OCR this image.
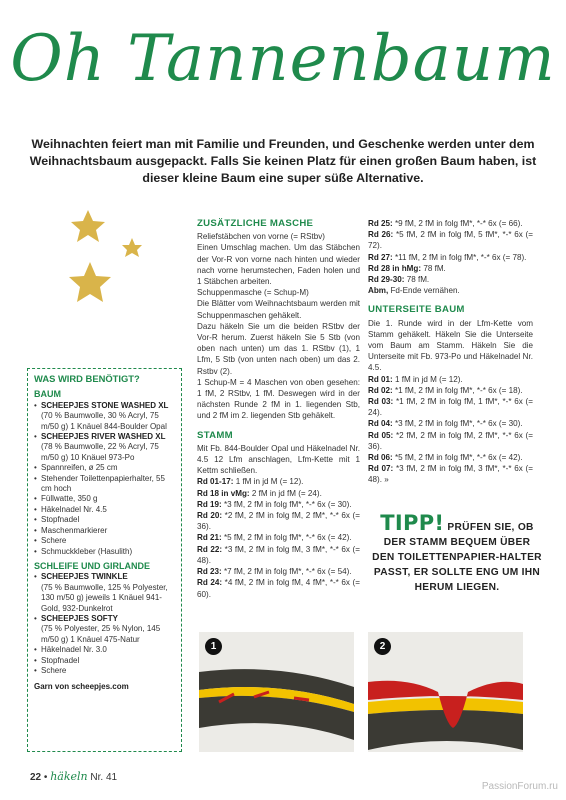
Oh Tannenbaum
Weihnachten feiert man mit Familie und Freunden, und Geschenke werden unter dem Weihnachtsbaum ausgepackt. Falls Sie keinen Platz für einen großen Baum haben, ist dieser kleine Baum eine super süße Alternative.
WAS WIRD BENÖTIGT?
BAUM
• SCHEEPJES STONE WASHED XL
(70 % Baumwolle, 30 % Acryl, 75 m/50 g) 1 Knäuel 844-Boulder Opal
• SCHEEPJES RIVER WASHED XL
(78 % Baumwolle, 22 % Acryl, 75 m/50 g) 10 Knäuel 973-Po
• Spannreifen, ø 25 cm
• Stehender Toilettenpapierhalter, 55 cm hoch
• Füllwatte, 350 g
• Häkelnadel Nr. 4.5
• Stopfnadel
• Maschenmarkierer
• Schere
• Schmuckkleber (Hasulith)
SCHLEIFE UND GIRLANDE
• SCHEEPJES TWINKLE
(75 % Baumwolle, 125 % Polyester, 130 m/50 g) jeweils 1 Knäuel 941-Gold, 932-Dunkelrot
• SCHEEPJES SOFTY
(75 % Polyester, 25 % Nylon, 145 m/50 g) 1 Knäuel 475-Natur
• Häkelnadel Nr. 3.0
• Stopfnadel
• Schere
Garn von scheepjes.com
ZUSÄTZLICHE MASCHE

Reliefstäbchen von vorne (= RStbv)

Einen Umschlag machen. Um das Stäbchen der Vor-R von vorne nach hinten und wieder nach vorne herumstechen, Faden holen und 1 Stäbchen arbeiten.

Schuppenmasche (= Schup-M)

Die Blätter vom Weihnachtsbaum werden mit Schuppenmaschen gehäkelt.

Dazu häkeln Sie um die beiden RStbv der Vor-R herum. Zuerst häkeln Sie 5 Stb (von oben nach unten) um das 1. RStbv (1), 1 Lfm, 5 Stb (von unten nach oben) um das 2. Rstbv (2).

1 Schup-M = 4 Maschen von oben gesehen: 1 fM, 2 RStbv, 1 fM. Deswegen wird in der nächsten Runde 2 fM in 1. liegenden Stb, und 2 fM im 2. liegenden Stb gehäkelt.

STAMM

Mit Fb. 844-Boulder Opal und Häkelnadel Nr. 4.5 12 Lfm anschlagen, Lfm-Kette mit 1 Kettm schließen.

Rd 01-17: 1 fM in jd M (= 12).

Rd 18 in vMg: 2 fM in jd fM (= 24).

Rd 19: *3 fM, 2 fM in folg fM*, *-* 6x (= 30).

Rd 20: *2 fM, 2 fM in folg fM, 2 fM*, *-* 6x (= 36).

Rd 21: *5 fM, 2 fM in folg fM*, *-* 6x (= 42).

Rd 22: *3 fM, 2 fM in folg fM, 3 fM*, *-* 6x (= 48).

Rd 23: *7 fM, 2 fM in folg fM*, *-* 6x (= 54).

Rd 24: *4 fM, 2 fM in folg fM, 4 fM*, *-* 6x (= 60).

Rd 25: *9 fM, 2 fM in folg fM*, *-* 6x (= 66).

Rd 26: *5 fM, 2 fM in folg fM, 5 fM*, *-* 6x (= 72).

Rd 27: *11 fM, 2 fM in folg fM*, *-* 6x (= 78).

Rd 28 in hMg: 78 fM.

Rd 29-30: 78 fM.

Abm, Fd-Ende vernähen.

UNTERSEITE BAUM

Die 1. Runde wird in der Lfm-Kette vom Stamm gehäkelt. Häkeln Sie die Unterseite vom Baum am Stamm. Häkeln Sie die Unterseite mit Fb. 973-Po und Häkelnadel Nr. 4.5.

Rd 01: 1 fM in jd M (= 12).

Rd 02: *1 fM, 2 fM in folg fM*, *-* 6x (= 18).

Rd 03: *1 fM, 2 fM in folg fM, 1 fM*, *-* 6x (= 24).

Rd 04: *3 fM, 2 fM in folg fM*, *-* 6x (= 30).

Rd 05: *2 fM, 2 fM in folg fM, 2 fM*, *-* 6x (= 36).

Rd 06: *5 fM, 2 fM in folg fM*, *-* 6x (= 42).

Rd 07: *3 fM, 2 fM in folg fM, 3 fM*, *-* 6x (= 48). »

TIPP! PRÜFEN SIE, OB DER STAMM BEQUEM ÜBER DEN TOILETTENPAPIER-HALTER PASST, ER SOLLTE ENG UM IHN HERUM LIEGEN.
1	2
22 • häkeln Nr. 41
PassionForum.ru
